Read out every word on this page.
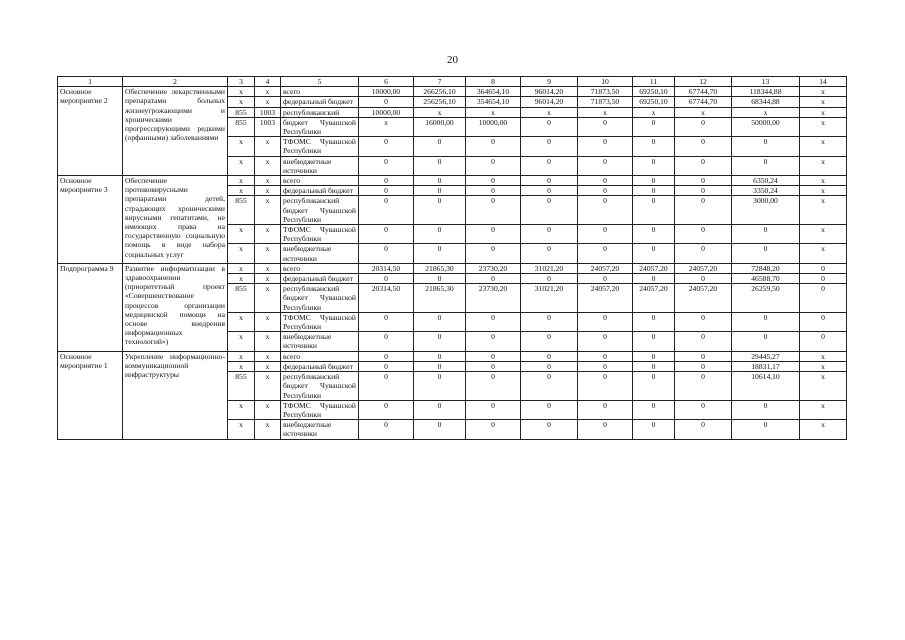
20
1	2	3	4	5	6	7	8	9	10	11	12	13	14
Основное мероприятие 2	Обеспечение лекарственными препаратами больных жизнеугрожающими и хроническими прогрессирующими редкими (орфанными) заболеваниями	x	x	всего	10000,00	266256,10	364654,10	96014,20	71873,50	69250,10	67744,70	118344,88	x
		x	x	федеральный бюджет	0	256256,10	354654,10	96014,20	71873,50	69250,10	67744,70	68344,88	x
		855	1003	республиканский	10000,00	x	x	x	x	x	x	x	x
		855	1003	бюджет Чувашской Республики	x	16000,00	10000,00	0	0	0	0	50000,00	x
		x	x	ТФОМС Чувашской Республики	0	0	0	0	0	0	0	0	x
		x	x	внебюджетные источники	0	0	0	0	0	0	0	0	x
Основное мероприятие 3	Обеспечение противовирусными препаратами детей, страдающих хроническими вирусными гепатитами, не имеющих права на государственную социальную помощь в виде набора социальных услуг	x	x	всего	0	0	0	0	0	0	0	6350,24	x
		x	x	федеральный бюджет	0	0	0	0	0	0	0	3350,24	x
		855	x	республиканский бюджет Чувашской Республики	0	0	0	0	0	0	0	3000,00	x
		x	x	ТФОМС Чувашской Республики	0	0	0	0	0	0	0	0	x
		x	x	внебюджетные источники	0	0	0	0	0	0	0	0	x
Подпрограмма 9	Развитие информатизации в здравоохранении (приоритетный проект «Совершенствование процессов организации медицинской помощи на основе внедрения информационных технологий»)	x	x	всего	20314,50	21865,30	23730,20	31021,20	24057,20	24057,20	24057,20	72848,20	0
		x	x	федеральный бюджет	0	0	0	0	0	0	0	46588,70	0
		855	x	республиканский бюджет Чувашской Республики	20314,50	21865,30	23730,20	31021,20	24057,20	24057,20	24057,20	26259,50	0
		x	x	ТФОМС Чувашской Республики	0	0	0	0	0	0	0	0	0
		x	x	внебюджетные источники	0	0	0	0	0	0	0	0	0
Основное мероприятие 1	Укрепление информационно-коммуникационной инфраструктуры	x	x	всего	0	0	0	0	0	0	0	29445,27	x
		x	x	федеральный бюджет	0	0	0	0	0	0	0	18831,17	x
		855	x	республиканский бюджет Чувашской Республики	0	0	0	0	0	0	0	10614,10	x
		x	x	ТФОМС Чувашской Республики	0	0	0	0	0	0	0	0	x
		x	x	внебюджетные источники	0	0	0	0	0	0	0	0	x
